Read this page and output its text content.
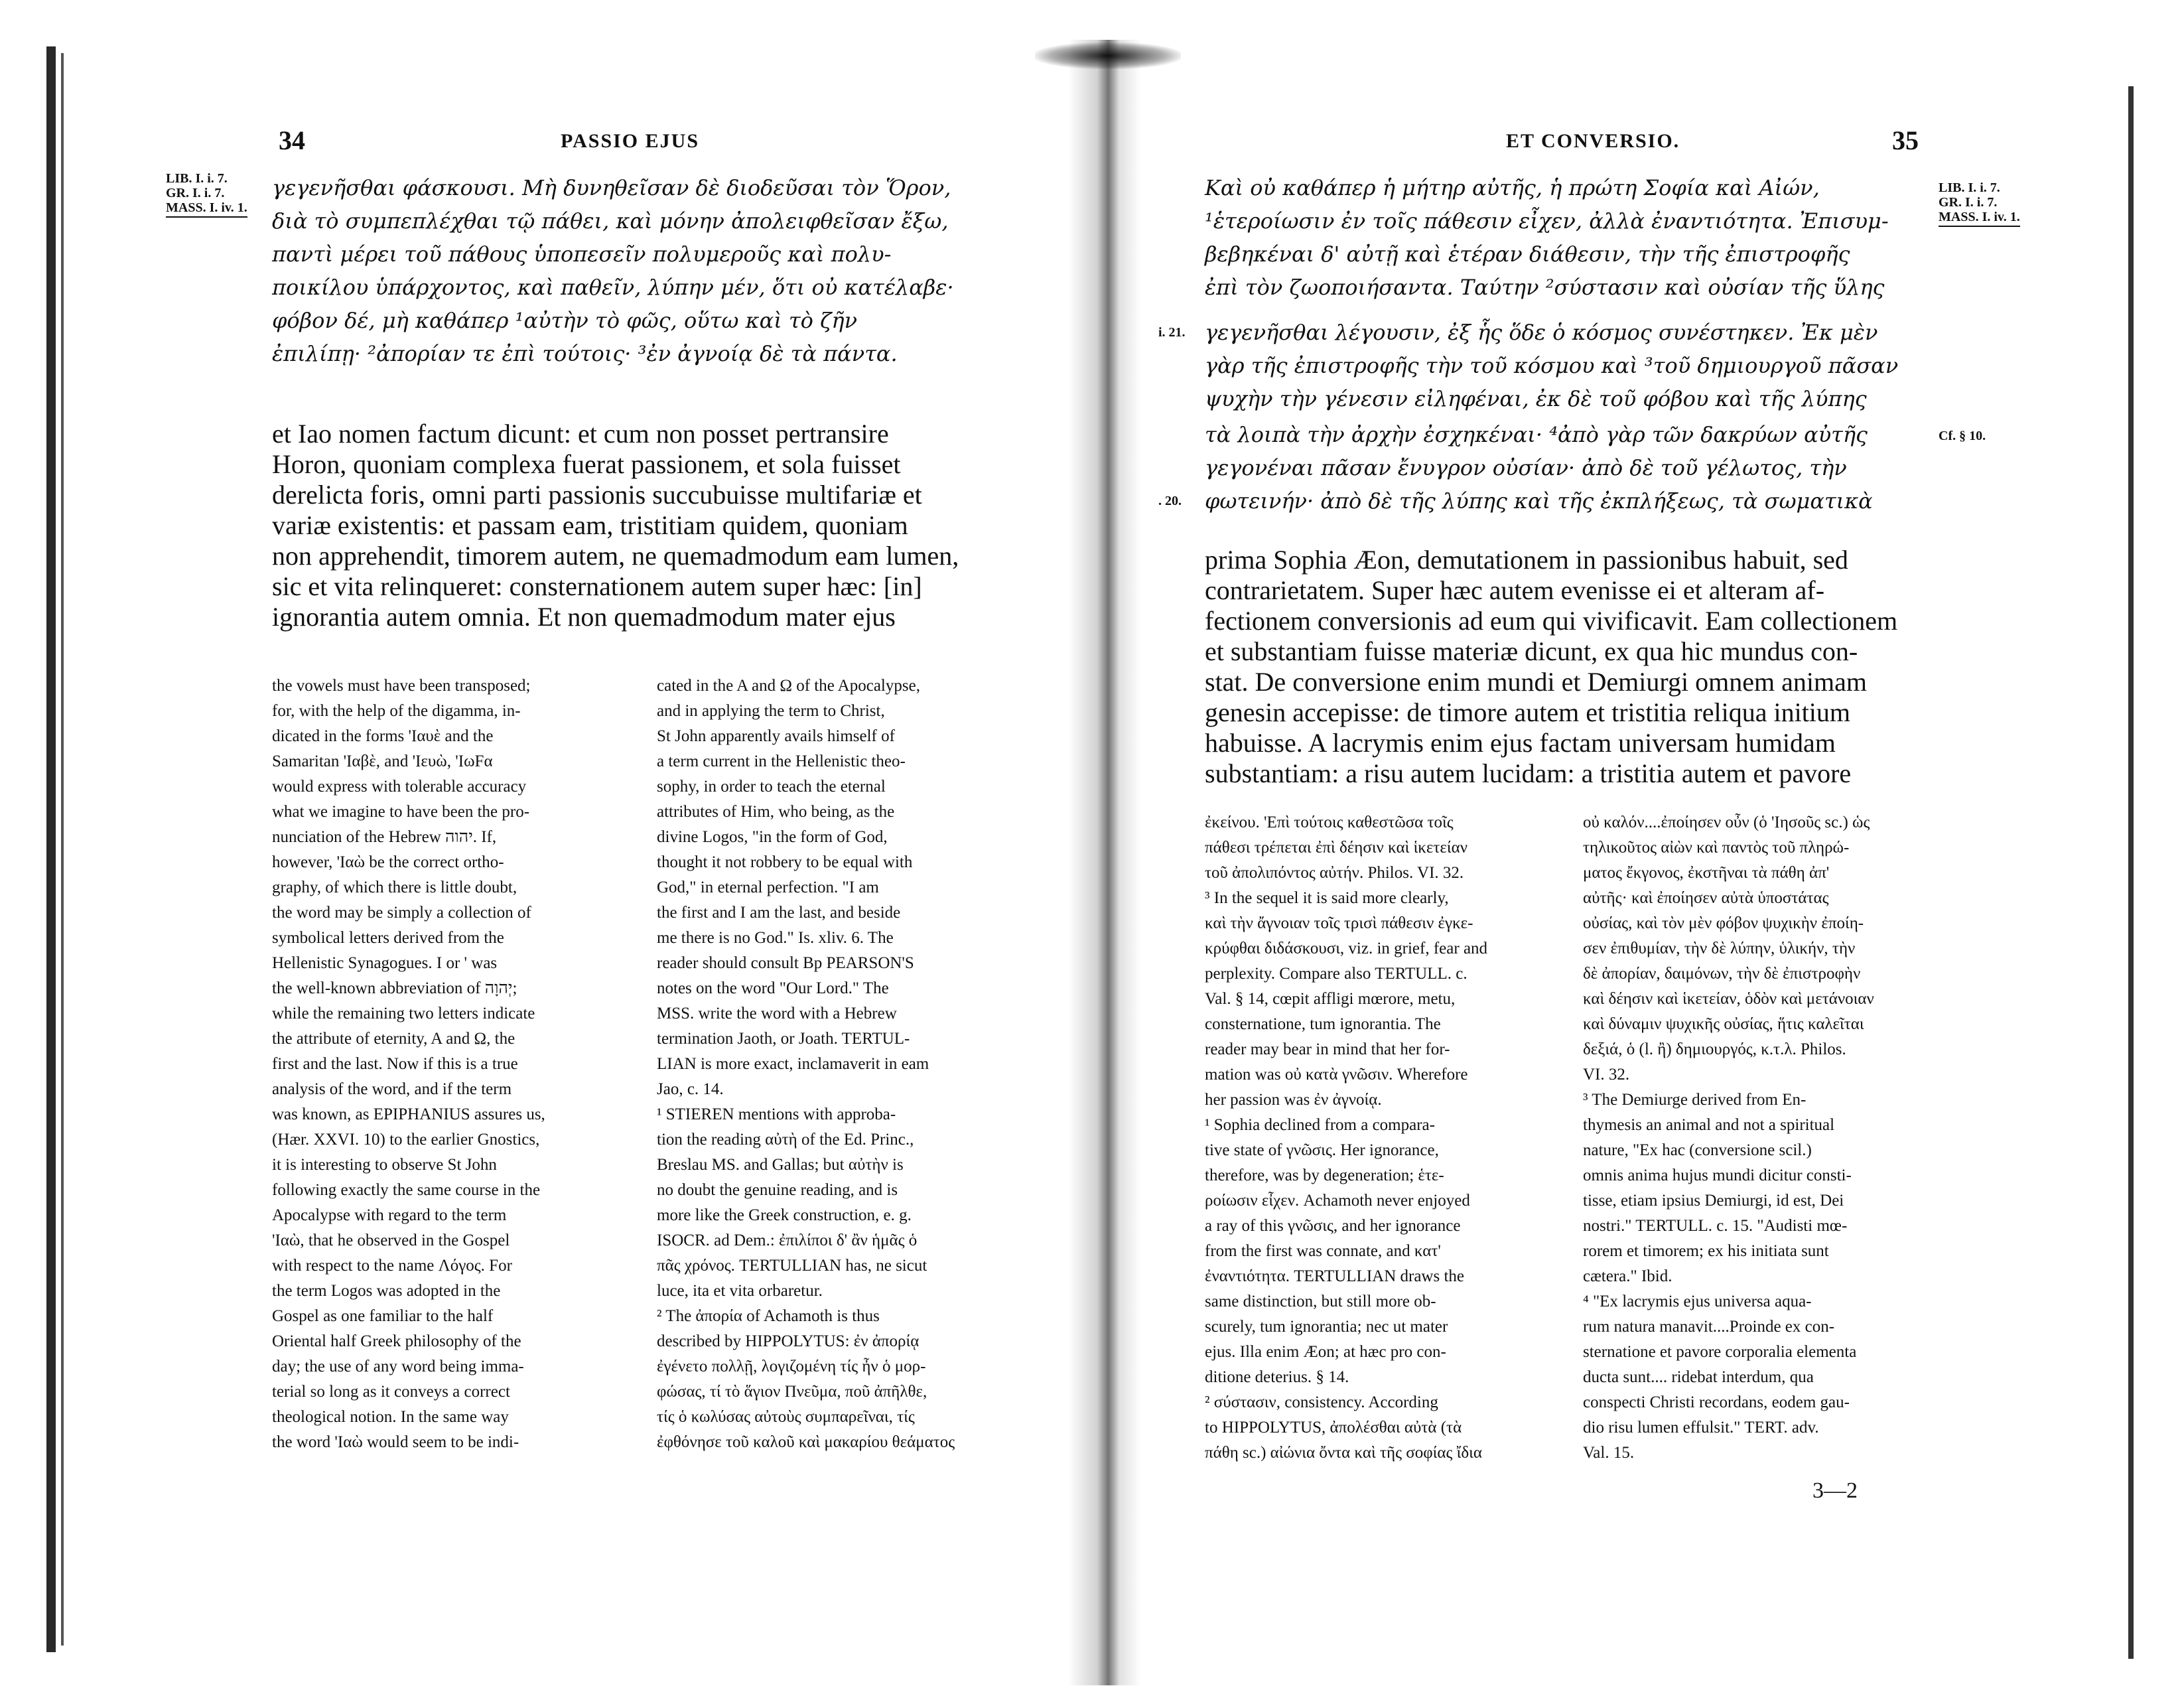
34	PASSIO EJUS
LIB. I. i. 7.
GR. I. i. 7.
MASS. I. iv. 1.
γεγενῆσθαι φάσκουσι. Μὴ δυνηθεῖσαν δὲ διοδεῦσαι τὸν Ὅρον,
διὰ τὸ συμπεπλέχθαι τῷ πάθει, καὶ μόνην ἀπολειφθεῖσαν ἔξω,
παντὶ μέρει τοῦ πάθους ὑποπεσεῖν πολυμεροῦς καὶ πολυ-
ποικίλου ὑπάρχοντος, καὶ παθεῖν, λύπην μέν, ὅτι οὐ κατέλαβε·
φόβον δέ, μὴ καθάπερ ¹αὐτὴν τὸ φῶς, οὕτω καὶ τὸ ζῆν
ἐπιλίπῃ· ²ἀπορίαν τε ἐπὶ τούτοις· ³ἐν ἀγνοίᾳ δὲ τὰ πάντα.
et Iao nomen factum dicunt: et cum non posset pertransire
Horon, quoniam complexa fuerat passionem, et sola fuisset
derelicta foris, omni parti passionis succubuisse multifariæ et
variæ existentis: et passam eam, tristitiam quidem, quoniam
non apprehendit, timorem autem, ne quemadmodum eam lumen,
sic et vita relinqueret: consternationem autem super hæc: [in]
ignorantia autem omnia. Et non quemadmodum mater ejus
the vowels must have been transposed;
for, with the help of the digamma, in-
dicated in the forms 'Ιαυὲ and the
Samaritan 'Ιαβὲ, and 'Ιευὼ, 'ΙωFα
would express with tolerable accuracy
what we imagine to have been the pro-
nunciation of the Hebrew יהוה. If,
however, 'Ιαὼ be the correct ortho-
graphy, of which there is little doubt,
the word may be simply a collection of
symbolical letters derived from the
Hellenistic Synagogues. I or ' was
the well-known abbreviation of יְהוָה;
while the remaining two letters indicate
the attribute of eternity, A and Ω, the
first and the last. Now if this is a true
analysis of the word, and if the term
was known, as EPIPHANIUS assures us,
(Hær. XXVI. 10) to the earlier Gnostics,
it is interesting to observe St John
following exactly the same course in the
Apocalypse with regard to the term
'Ιαὼ, that he observed in the Gospel
with respect to the name Λόγος. For
the term Logos was adopted in the
Gospel as one familiar to the half
Oriental half Greek philosophy of the
day; the use of any word being imma-
terial so long as it conveys a correct
theological notion. In the same way
the word 'Ιαὼ would seem to be indi-
cated in the A and Ω of the Apocalypse,
and in applying the term to Christ,
St John apparently avails himself of
a term current in the Hellenistic theo-
sophy, in order to teach the eternal
attributes of Him, who being, as the
divine Logos, "in the form of God,
thought it not robbery to be equal with
God," in eternal perfection. "I am
the first and I am the last, and beside
me there is no God." Is. xliv. 6. The
reader should consult Bp PEARSON'S
notes on the word "Our Lord." The
MSS. write the word with a Hebrew
termination Jaoth, or Joath. TERTUL-
LIAN is more exact, inclamaverit in eam
Jao, c. 14.
¹ STIEREN mentions with approba-
tion the reading αὐτὴ of the Ed. Princ.,
Breslau MS. and Gallas; but αὐτὴν is
no doubt the genuine reading, and is
more like the Greek construction, e. g.
ISOCR. ad Dem.: ἐπιλίποι δ' ἂν ἡμᾶς ὁ
πᾶς χρόνος. TERTULLIAN has, ne sicut
luce, ita et vita orbaretur.
² The ἀπορία of Achamoth is thus
described by HIPPOLYTUS: ἐν ἀπορίᾳ
ἐγένετο πολλῇ, λογιζομένη τίς ἦν ὁ μορ-
φώσας, τί τὸ ἅγιον Πνεῦμα, ποῦ ἀπῆλθε,
τίς ὁ κωλύσας αὐτοὺς συμπαρεῖναι, τίς
ἐφθόνησε τοῦ καλοῦ καὶ μακαρίου θεάματος
ET CONVERSIO.	35
LIB. I. i. 7.
GR. I. i. 7.
MASS. I. iv. 1.
i. 21.
Cf. § 10.
. 20.
Καὶ οὐ καθάπερ ἡ μήτηρ αὐτῆς, ἡ πρώτη Σοφία καὶ Αἰών,
¹ἑτεροίωσιν ἐν τοῖς πάθεσιν εἶχεν, ἀλλὰ ἐναντιότητα. Ἐπισυμ-
βεβηκέναι δ' αὐτῇ καὶ ἑτέραν διάθεσιν, τὴν τῆς ἐπιστροφῆς
ἐπὶ τὸν ζωοποιήσαντα. Ταύτην ²σύστασιν καὶ οὐσίαν τῆς ὕλης
γεγενῆσθαι λέγουσιν, ἐξ ἧς ὅδε ὁ κόσμος συνέστηκεν. Ἐκ μὲν
γὰρ τῆς ἐπιστροφῆς τὴν τοῦ κόσμου καὶ ³τοῦ δημιουργοῦ πᾶσαν
ψυχὴν τὴν γένεσιν εἰληφέναι, ἐκ δὲ τοῦ φόβου καὶ τῆς λύπης
τὰ λοιπὰ τὴν ἀρχὴν ἐσχηκέναι· ⁴ἀπὸ γὰρ τῶν δακρύων αὐτῆς
γεγονέναι πᾶσαν ἔνυγρον οὐσίαν· ἀπὸ δὲ τοῦ γέλωτος, τὴν
φωτεινήν· ἀπὸ δὲ τῆς λύπης καὶ τῆς ἐκπλήξεως, τὰ σωματικὰ
prima Sophia Æon, demutationem in passionibus habuit, sed
contrarietatem. Super hæc autem evenisse ei et alteram af-
fectionem conversionis ad eum qui vivificavit. Eam collectionem
et substantiam fuisse materiæ dicunt, ex qua hic mundus con-
stat. De conversione enim mundi et Demiurgi omnem animam
genesin accepisse: de timore autem et tristitia reliqua initium
habuisse. A lacrymis enim ejus factam universam humidam
substantiam: a risu autem lucidam: a tristitia autem et pavore
ἐκείνου. 'Επὶ τούτοις καθεστῶσα τοῖς
πάθεσι τρέπεται ἐπὶ δέησιν καὶ ἱκετείαν
τοῦ ἀπολιπόντος αὐτήν. Philos. VI. 32.
³ In the sequel it is said more clearly,
καὶ τὴν ἄγνοιαν τοῖς τρισὶ πάθεσιν ἐγκε-
κρύφθαι διδάσκουσι, viz. in grief, fear and
perplexity. Compare also TERTULL. c.
Val. § 14, cœpit affligi mœrore, metu,
consternatione, tum ignorantia. The
reader may bear in mind that her for-
mation was οὐ κατὰ γνῶσιν. Wherefore
her passion was ἐν ἀγνοίᾳ.
¹ Sophia declined from a compara-
tive state of γνῶσις. Her ignorance,
therefore, was by degeneration; ἑτε-
ροίωσιν εἶχεν. Achamoth never enjoyed
a ray of this γνῶσις, and her ignorance
from the first was connate, and κατ'
ἐναντιότητα. TERTULLIAN draws the
same distinction, but still more ob-
scurely, tum ignorantia; nec ut mater
ejus. Illa enim Æon; at hæc pro con-
ditione deterius. § 14.
² σύστασιν, consistency. According
to HIPPOLYTUS, ἀπολέσθαι αὐτὰ (τὰ
πάθη sc.) αἰώνια ὄντα καὶ τῆς σοφίας ἴδια
οὐ καλόν....ἐποίησεν οὖν (ὁ 'Ιησοῦς sc.) ὡς
τηλικοῦτος αἰὼν καὶ παντὸς τοῦ πληρώ-
ματος ἔκγονος, ἐκστῆναι τὰ πάθη ἀπ'
αὐτῆς· καὶ ἐποίησεν αὐτὰ ὑποστάτας
οὐσίας, καὶ τὸν μὲν φόβον ψυχικὴν ἐποίη-
σεν ἐπιθυμίαν, τὴν δὲ λύπην, ὑλικήν, τὴν
δὲ ἀπορίαν, δαιμόνων, τὴν δὲ ἐπιστροφὴν
καὶ δέησιν καὶ ἱκετείαν, ὁδὸν καὶ μετάνοιαν
καὶ δύναμιν ψυχικῆς οὐσίας, ἥτις καλεῖται
δεξιά, ὁ (l. ἢ) δημιουργός, κ.τ.λ. Philos.
VI. 32.
³ The Demiurge derived from En-
thymesis an animal and not a spiritual
nature, "Ex hac (conversione scil.)
omnis anima hujus mundi dicitur consti-
tisse, etiam ipsius Demiurgi, id est, Dei
nostri." TERTULL. c. 15. "Audisti mœ-
rorem et timorem; ex his initiata sunt
cætera." Ibid.
⁴ "Ex lacrymis ejus universa aqua-
rum natura manavit....Proinde ex con-
sternatione et pavore corporalia elementa
ducta sunt.... ridebat interdum, qua
conspecti Christi recordans, eodem gau-
dio risu lumen effulsit." TERT. adv.
Val. 15.
3—2
